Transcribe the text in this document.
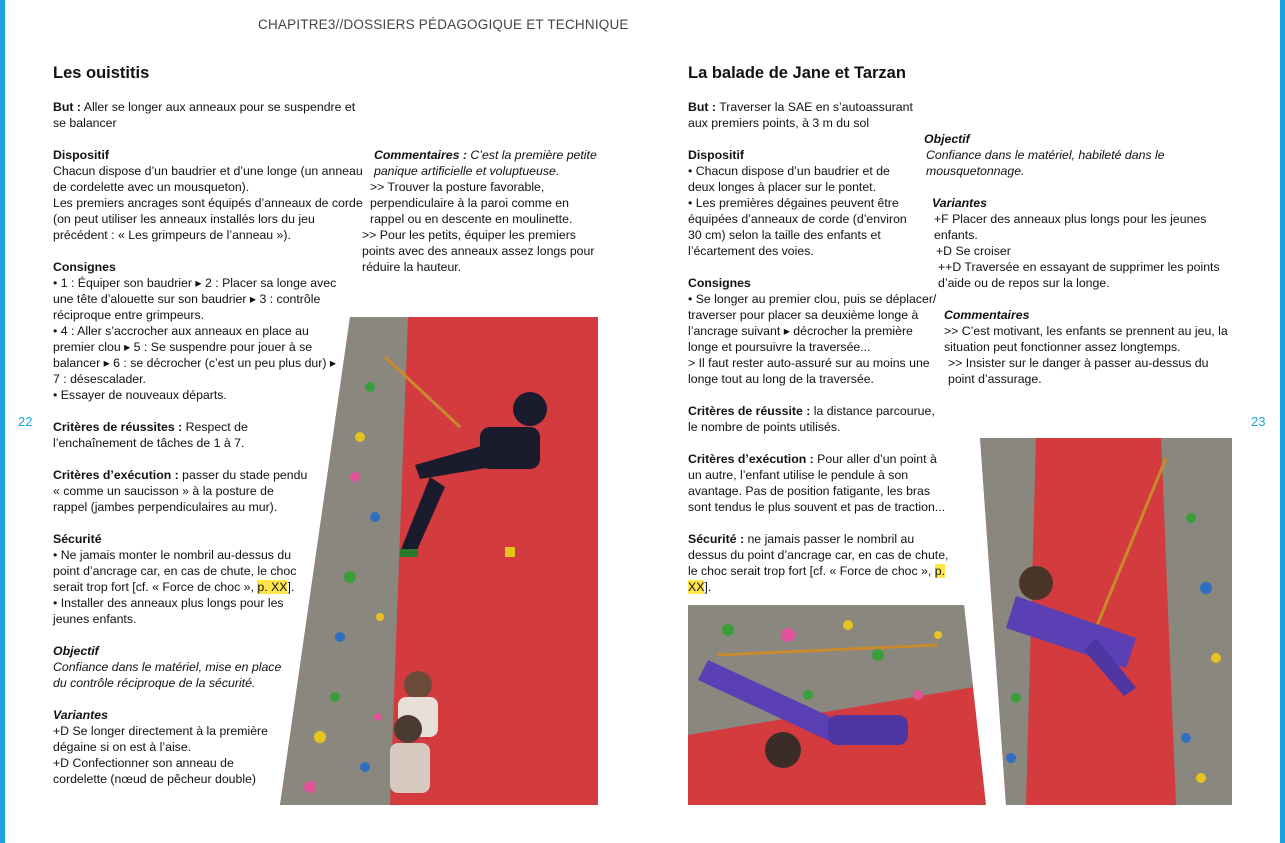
CHAPITRE3//DOSSIERS PÉDAGOGIQUE ET TECHNIQUE
22	23
Les ouistitis

But : Aller se longer aux anneaux pour se suspendre et se balancer

Dispositif

Chacun dispose d’un baudrier et d’une longe (un anneau de cordelette avec un mousqueton).

Les premiers ancrages sont équipés d’anneaux de corde (on peut utiliser les anneaux installés lors du jeu précédent : « Les grimpeurs de l’anneau »).

Consignes

• 1 : Équiper son baudrier ▸ 2 : Placer sa longe avec une tête d’alouette sur son baudrier ▸ 3 : contrôle réciproque entre grimpeurs.

• 4 : Aller s’accrocher aux anneaux en place au premier clou ▸ 5 : Se suspendre pour jouer à se balancer ▸ 6 : se décrocher (c’est un peu plus dur) ▸ 7 : désescalader.

• Essayer de nouveaux départs.

Critères de réussites : Respect de l’enchaînement de tâches de 1 à 7.

Critères d’exécution : passer du stade pendu « comme un saucisson » à la posture de rappel (jambes perpendiculaires au mur).

Sécurité

• Ne jamais monter le nombril au-dessus du point d’ancrage car, en cas de chute, le choc serait trop fort [cf. « Force de choc », p. XX].

• Installer des anneaux plus longs pour les jeunes enfants.

Objectif

Confiance dans le matériel, mise en place du contrôle réciproque de la sécurité.

Variantes

+D Se longer directement à la première dégaine si on est à l’aise.

+D Confectionner son anneau de cordelette (nœud de pêcheur double)

Commentaires : C’est la première petite panique artificielle et voluptueuse.

>> Trouver la posture favorable, perpendiculaire à la paroi comme en rappel ou en descente en moulinette.

>> Pour les petits, équiper les premiers points avec des anneaux assez longs pour réduire la hauteur.

La balade de Jane et Tarzan

But : Traverser la SAE en s’autoassurant aux premiers points, à 3 m du sol

Dispositif

• Chacun dispose d’un baudrier et de deux longes à placer sur le pontet.

• Les premières dégaines peuvent être équipées d’anneaux de corde (d’environ 30 cm) selon la taille des enfants et l’écartement des voies.

Consignes

• Se longer au premier clou, puis se déplacer/ traverser pour placer sa deuxième longe à l’ancrage suivant ▸ décrocher la première longe et poursuivre la traversée...

> Il faut rester auto-assuré sur au moins une longe tout au long de la traversée.

Critères de réussite : la distance parcourue, le nombre de points utilisés.

Critères d’exécution : Pour aller d’un point à un autre, l’enfant utilise le pendule à son avantage. Pas de position fatigante, les bras sont tendus le plus souvent et pas de traction...

Sécurité : ne jamais passer le nombril au dessus du point d’ancrage car, en cas de chute, le choc serait trop fort [cf. « Force de choc », p. XX].

Objectif

Confiance dans le matériel, habileté dans le mousquetonnage.

Variantes

+F Placer des anneaux plus longs pour les jeunes enfants.

+D Se croiser

++D Traversée en essayant de supprimer les points d’aide ou de repos sur la longe.

Commentaires

>> C’est motivant, les enfants se prennent au jeu, la situation peut fonctionner assez longtemps.

>> Insister sur le danger à passer au-dessus du point d’assurage.
